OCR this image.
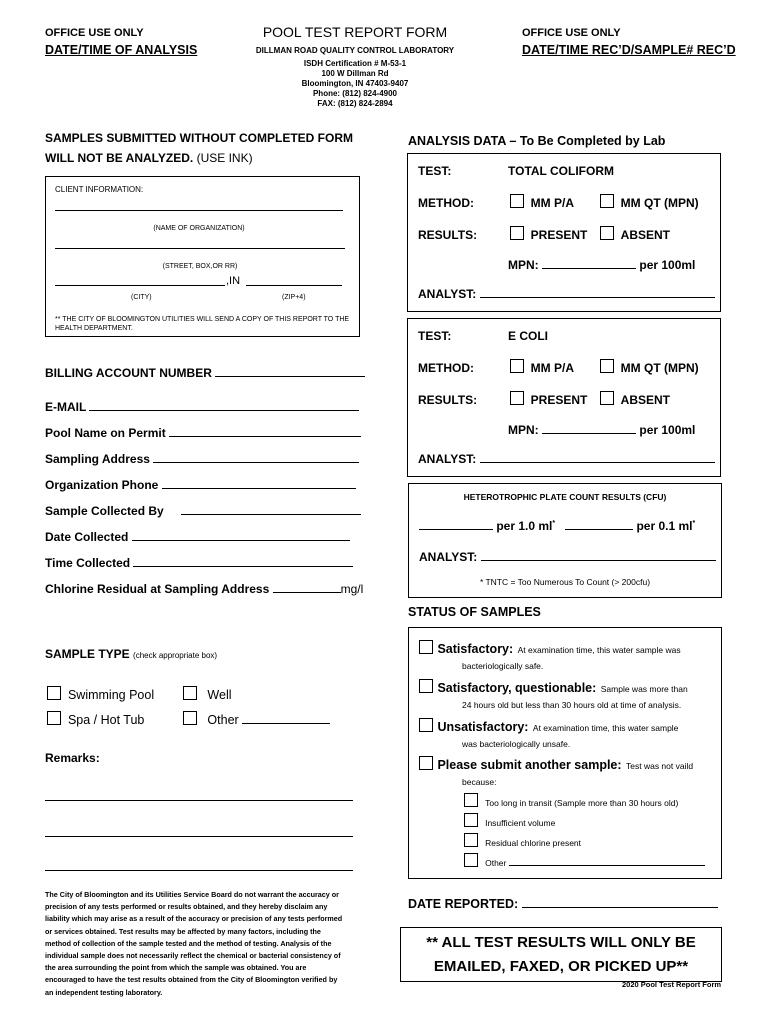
OFFICE USE ONLY
DATE/TIME OF ANALYSIS
POOL TEST REPORT FORM
DILLMAN ROAD QUALITY CONTROL LABORATORY
ISDH Certification # M-53-1
100 W Dillman Rd
Bloomington, IN 47403-9407
Phone: (812) 824-4900
FAX: (812) 824-2894
OFFICE USE ONLY
DATE/TIME REC’D/SAMPLE# REC’D
SAMPLES SUBMITTED WITHOUT COMPLETED FORM
WILL NOT BE ANALYZED. (USE INK)
CLIENT INFORMATION:
(NAME OF ORGANIZATION)
(STREET, BOX,OR RR)
,IN
(CITY)	(ZIP+4)
** THE CITY OF BLOOMINGTON UTILITIES WILL SEND A COPY OF THIS REPORT TO THE HEALTH DEPARTMENT.
BILLING ACCOUNT NUMBER
E-MAIL
Pool Name on Permit
Sampling Address
Organization Phone
Sample Collected By
Date Collected
Time Collected
Chlorine Residual at Sampling Address	mg/l
SAMPLE TYPE (check appropriate box)
Swimming Pool	Well
Spa / Hot Tub	Other
Remarks:
The City of Bloomington and its Utilities Service Board do not warrant the accuracy or
precision of any tests performed or results obtained, and they hereby disclaim any
liability which may arise as a result of the accuracy or precision of any tests performed
or services obtained. Test results may be affected by many factors, including the
method of collection of the sample tested and the method of testing. Analysis of the
individual sample does not necessarily reflect the chemical or bacterial consistency of
the area surrounding the point from which the sample was obtained. You are
encouraged to have the test results obtained from the City of Bloomington verified by
an independent testing laboratory.
ANALYSIS DATA – To Be Completed by Lab
TEST:	TOTAL COLIFORM
METHOD:	MM P/A	MM QT (MPN)
RESULTS:	PRESENT	ABSENT
MPN:	per 100ml
ANALYST:
TEST:	E COLI
METHOD:	MM P/A	MM QT (MPN)
RESULTS:	PRESENT	ABSENT
MPN:	per 100ml
ANALYST:
HETEROTROPHIC PLATE COUNT RESULTS (CFU)
per 1.0 ml*	per 0.1 ml*
ANALYST:
* TNTC = Too Numerous To Count (> 200cfu)
STATUS OF SAMPLES
Satisfactory: At examination time, this water sample was
bacteriologically safe.
Satisfactory, questionable: Sample was more than
24 hours old but less than 30 hours old at time of analysis.
Unsatisfactory: At examination time, this water sample
was bacteriologically unsafe.
Please submit another sample: Test was not vaild
because:
Too long in transit (Sample more than 30 hours old)
Insufficient volume
Residual chlorine present
Other
DATE REPORTED:
** ALL TEST RESULTS WILL ONLY BE
EMAILED, FAXED, OR PICKED UP**
2020 Pool Test Report Form
